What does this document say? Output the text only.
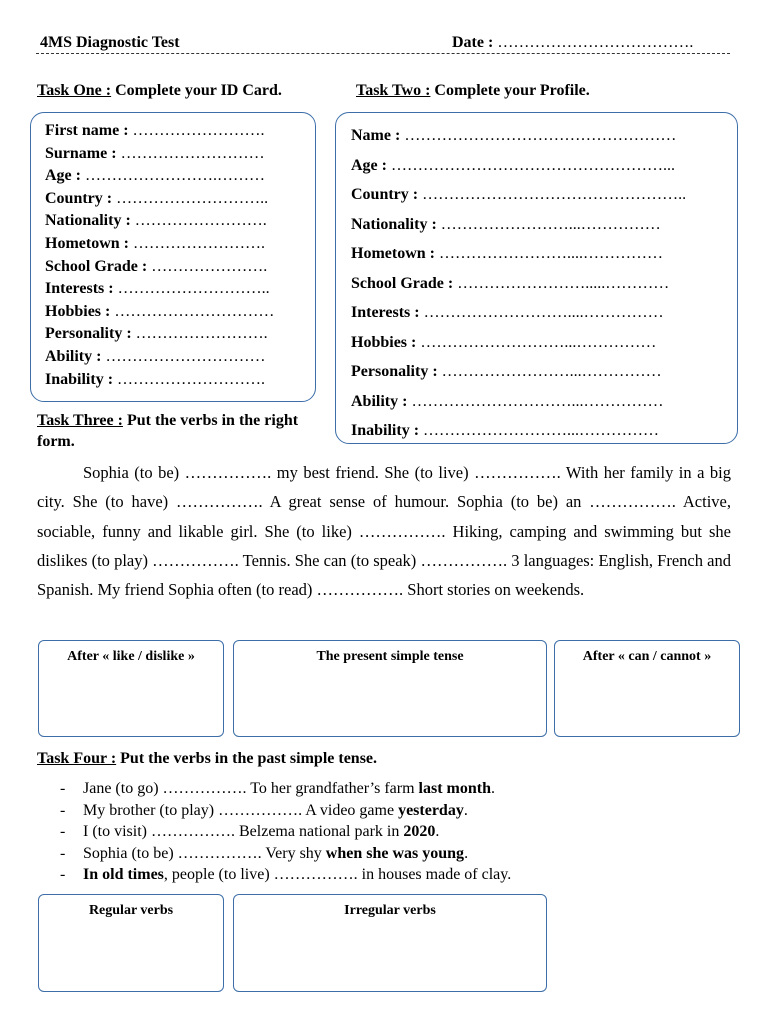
4MS Diagnostic Test	Date : ……………………………….
Task One : Complete your ID Card.	Task Two : Complete your Profile.
First name : …………………….
Surname : ………………………
Age : …………………….………
Country : ………………………..
Nationality : …………………….
Hometown : …………………….
School Grade : ………………….
Interests : ………………………..
Hobbies : …………………………
Personality : …………………….
Ability : …………………………
Inability : ……………………….
Name : ……………………………………………
Age : ……………………………………………...
Country : …………………………………………..
Nationality : ……………………...……………
Hometown : ……………………....……………
School Grade : …………………….....…………
Interests : ………………………....……………
Hobbies : ………………………...……………
Personality : ……………………...……………
Ability : …………………………...……………
Inability : ………………………...……………
Task Three : Put the verbs in the right form.

Sophia (to be) ……………. my best friend. She (to live) ……………. With her family in a big city. She (to have) ……………. A great sense of humour. Sophia (to be) an ……………. Active, sociable, funny and likable girl. She (to like) ……………. Hiking, camping and swimming but she dislikes (to play) ……………. Tennis. She can (to speak) ……………. 3 languages: English, French and Spanish. My friend Sophia often (to read) ……………. Short stories on weekends.

After « like / dislike »	The present simple tense	After « can / cannot »
Task Four : Put the verbs in the past simple tense.
-	Jane (to go) ……………. To her grandfather’s farm last month.
-	My brother (to play) ……………. A video game yesterday.
-	I (to visit) ……………. Belzema national park in 2020.
-	Sophia (to be) ……………. Very shy when she was young.
-	In old times, people (to live) ……………. in houses made of clay.
Regular verbs	Irregular verbs
